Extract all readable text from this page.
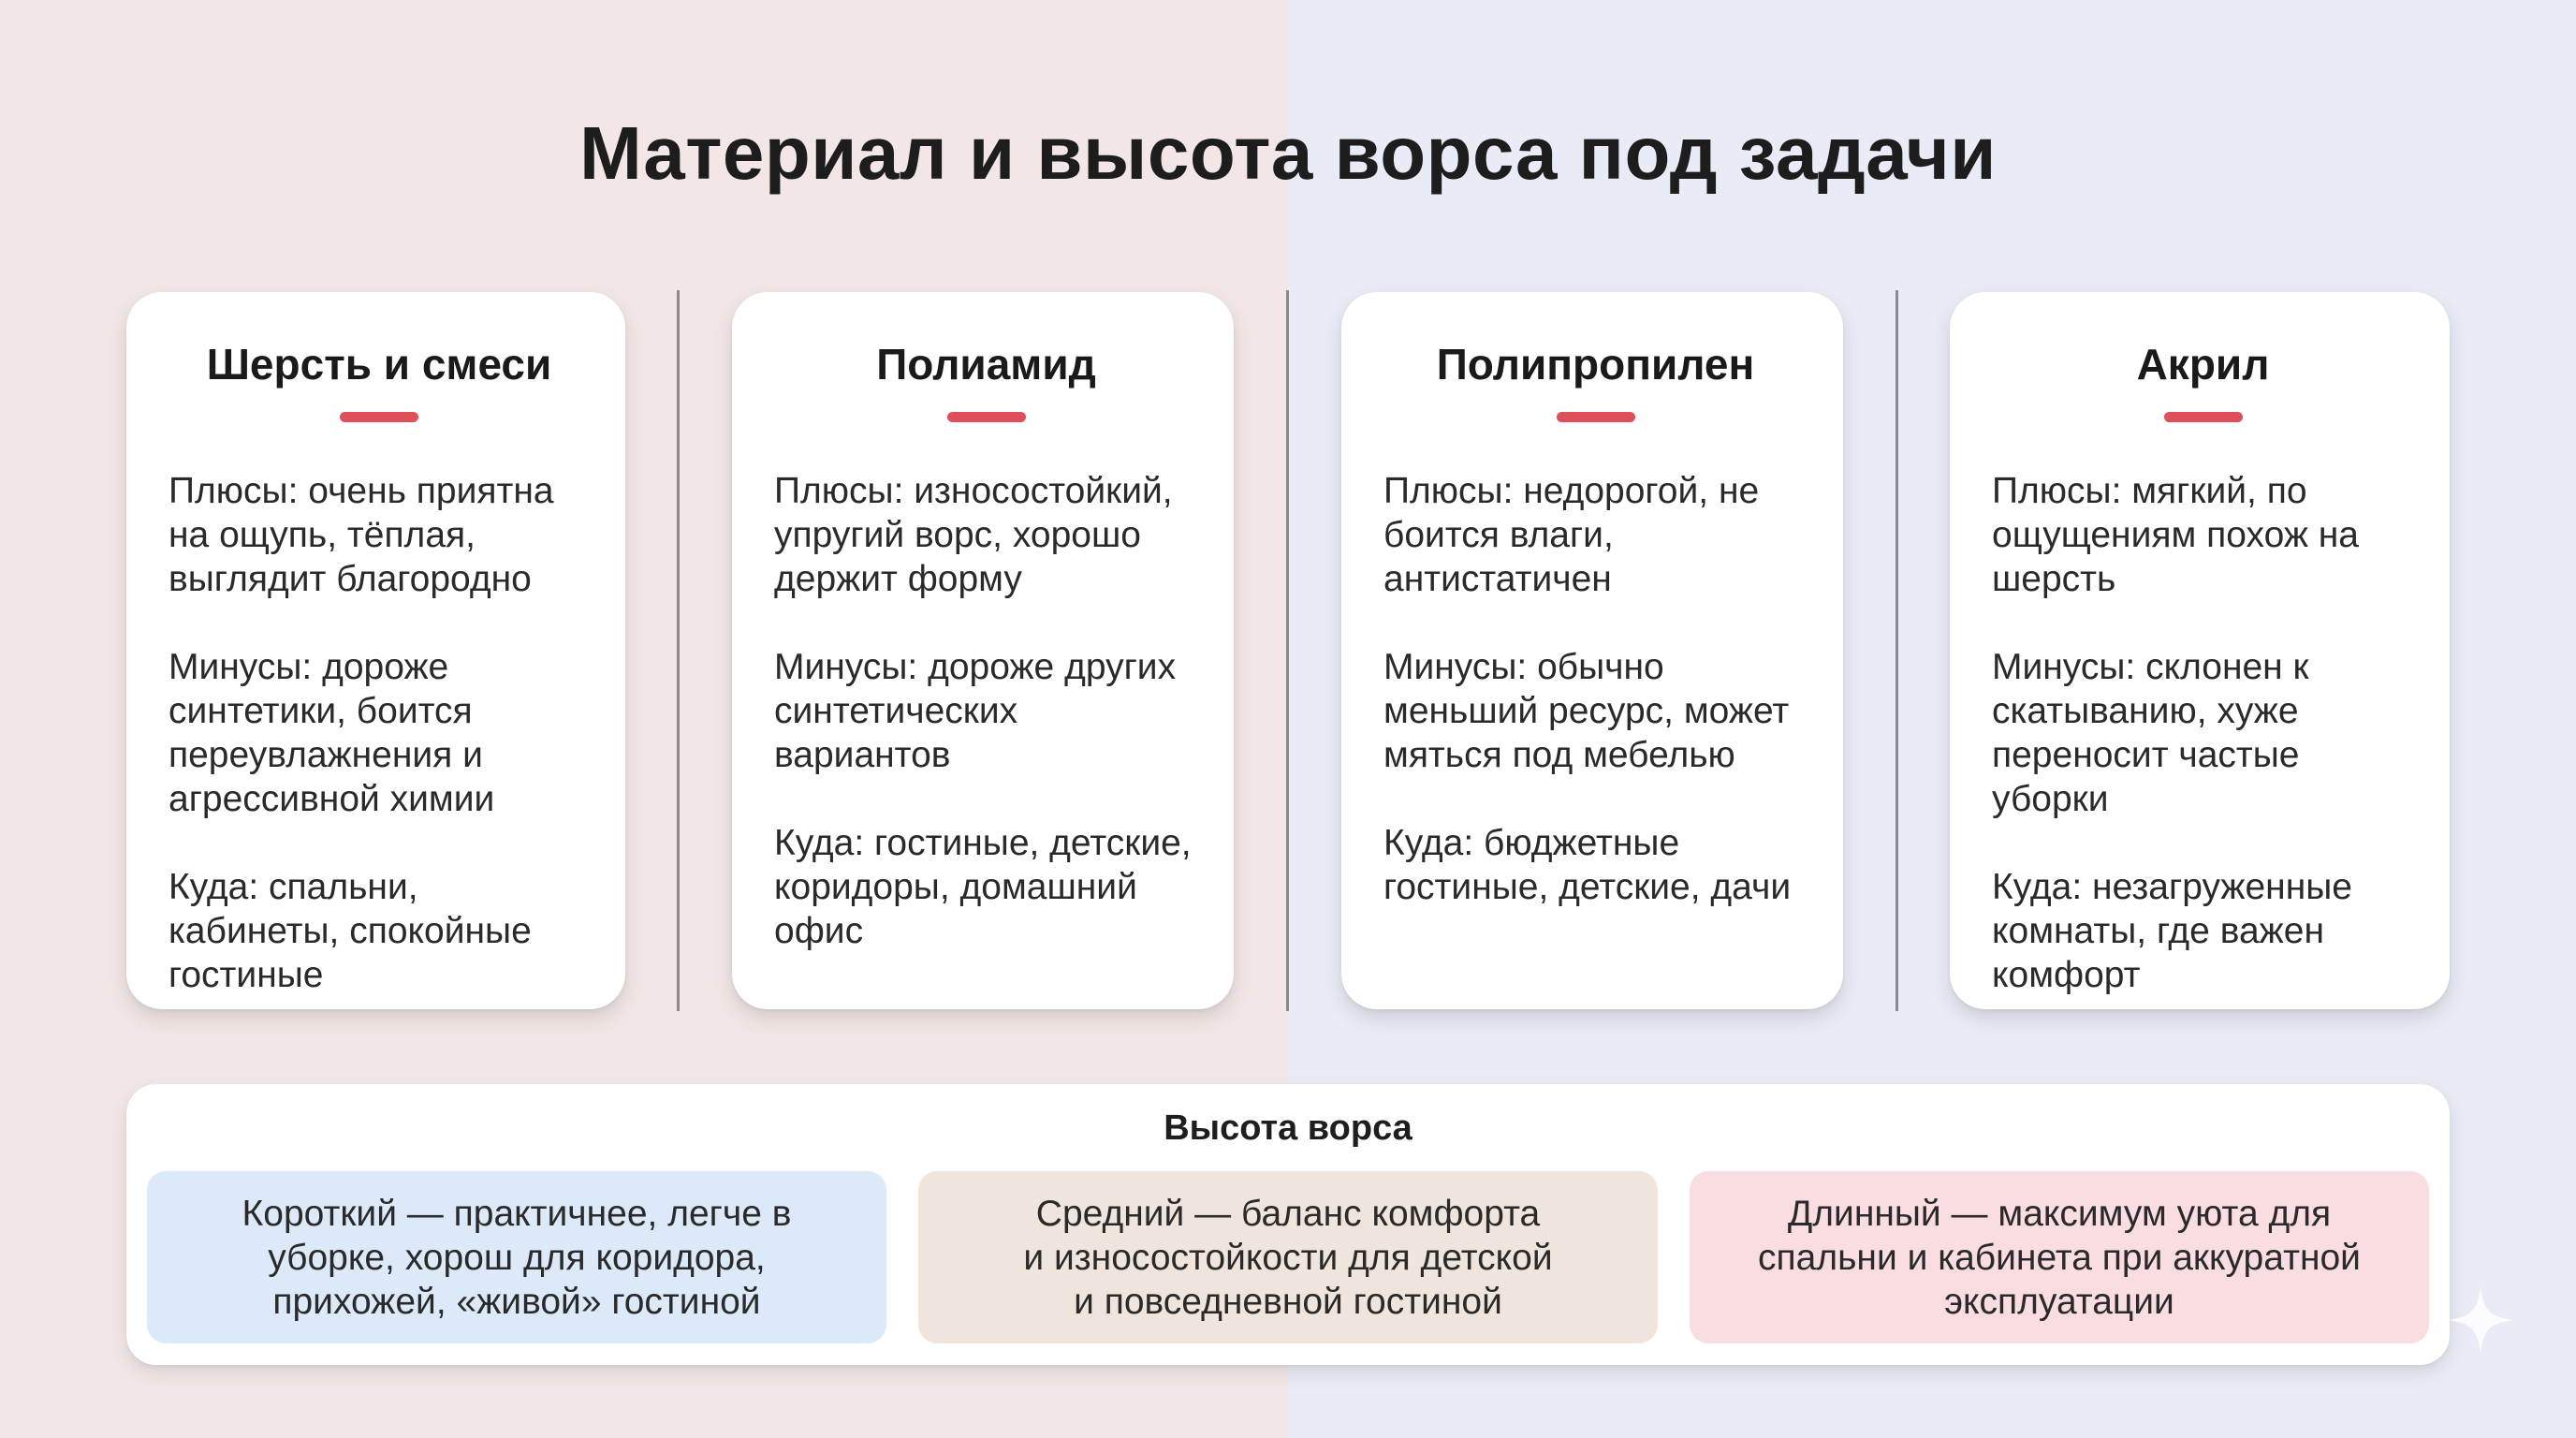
Материал и высота ворса под задачи
Шерсть и смеси
Плюсы: очень приятна
на ощупь, тёплая,
выглядит благородно
Минусы: дороже
синтетики, боится
переувлажнения и
агрессивной химии
Куда: спальни,
кабинеты, спокойные
гостиные
Полиамид
Плюсы: износостойкий,
упругий ворс, хорошо
держит форму
Минусы: дороже других
синтетических
вариантов
Куда: гостиные, детские,
коридоры, домашний
офис
Полипропилен
Плюсы: недорогой, не
боится влаги,
антистатичен
Минусы: обычно
меньший ресурс, может
мяться под мебелью
Куда: бюджетные
гостиные, детские, дачи
Акрил
Плюсы: мягкий, по
ощущениям похож на
шерсть
Минусы: склонен к
скатыванию, хуже
переносит частые уборки
Куда: незагруженные
комнаты, где важен
комфорт
Высота ворса
Короткий — практичнее, легче в
уборке, хорош для коридора,
прихожей, «живой» гостиной
Средний — баланс комфорта
и износостойкости для детской
и повседневной гостиной
Длинный — максимум уюта для
спальни и кабинета при аккуратной
эксплуатации
